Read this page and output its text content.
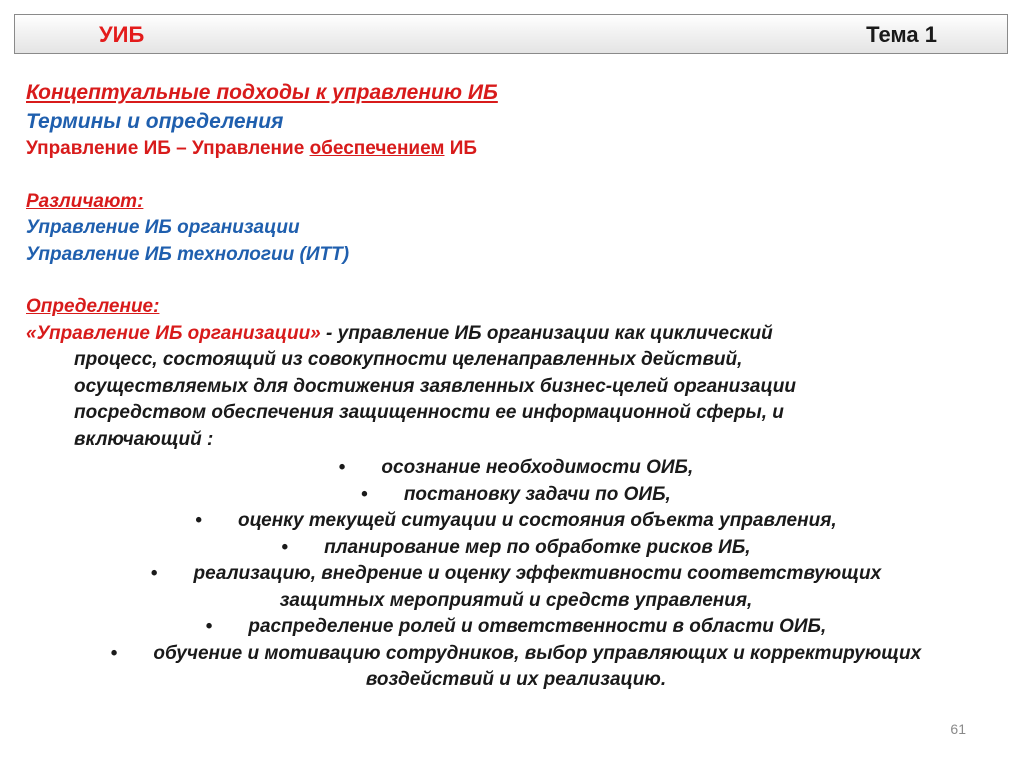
УИБ	Тема 1
Концептуальные подходы к управлению ИБ
Термины и определения
Управление ИБ – Управление обеспечением ИБ
Различают:
Управление ИБ организации
Управление ИБ технологии (ИТТ)
Определение:
«Управление ИБ организации» - управление ИБ организации как циклический
процесс, состоящий из совокупности целенаправленных действий,
осуществляемых для достижения заявленных бизнес-целей организации
посредством обеспечения защищенности ее информационной сферы, и
включающий :
• осознание необходимости ОИБ,
• постановку задачи по ОИБ,
• оценку текущей ситуации и состояния объекта управления,
• планирование мер по обработке рисков ИБ,
• реализацию, внедрение и оценку эффективности соответствующих
защитных мероприятий и средств управления,
• распределение ролей и ответственности в области ОИБ,
• обучение и мотивацию сотрудников, выбор управляющих и корректирующих
воздействий и их реализацию.
61
